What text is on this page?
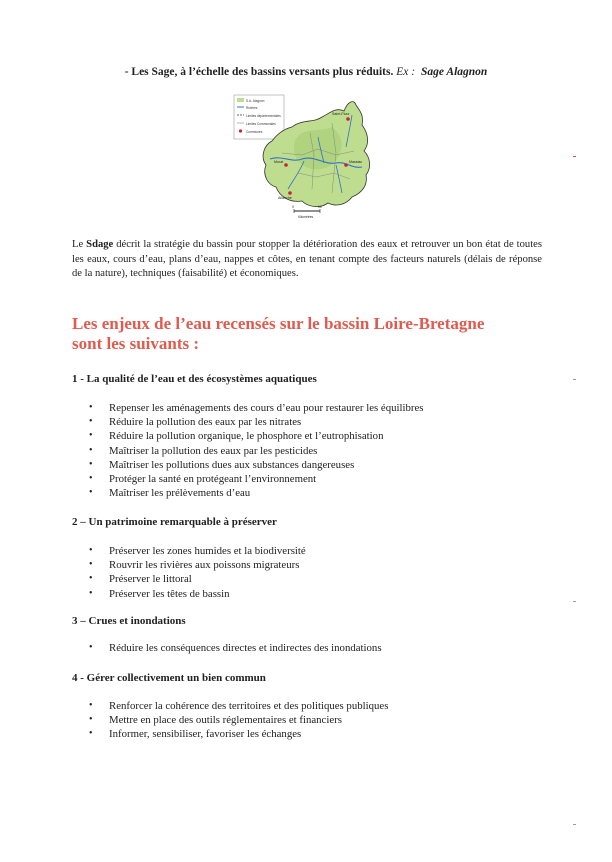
- Les Sage, à l’échelle des bassins versants plus réduits. Ex : Sage Alagnon
S.A. Alagnon
Rivières
Limites départementales
Limites Communales
Communes
Saint-Flour
Murat	Massiac
Allanche
0	10
Kilomètres

Le Sdage décrit la stratégie du bassin pour stopper la détérioration des eaux et retrouver un bon état de toutes les eaux, cours d’eau, plans d’eau, nappes et côtes, en tenant compte des facteurs naturels (délais de réponse de la nature), techniques (faisabilité) et économiques.

Les enjeux de l’eau recensés sur le bassin Loire-Bretagne
sont les suivants :

1 - La qualité de l’eau et des écosystèmes aquatiques

• Repenser les aménagements des cours d’eau pour restaurer les équilibres
• Réduire la pollution des eaux par les nitrates
• Réduire la pollution organique, le phosphore et l’eutrophisation
• Maîtriser la pollution des eaux par les pesticides
• Maîtriser les pollutions dues aux substances dangereuses
• Protéger la santé en protégeant l’environnement
• Maîtriser les prélèvements d’eau

2 – Un patrimoine remarquable à préserver

• Préserver les zones humides et la biodiversité
• Rouvrir les rivières aux poissons migrateurs
• Préserver le littoral
• Préserver les têtes de bassin

3 – Crues et inondations

• Réduire les conséquences directes et indirectes des inondations

4 - Gérer collectivement un bien commun

• Renforcer la cohérence des territoires et des politiques publiques
• Mettre en place des outils réglementaires et financiers
• Informer, sensibiliser, favoriser les échanges
